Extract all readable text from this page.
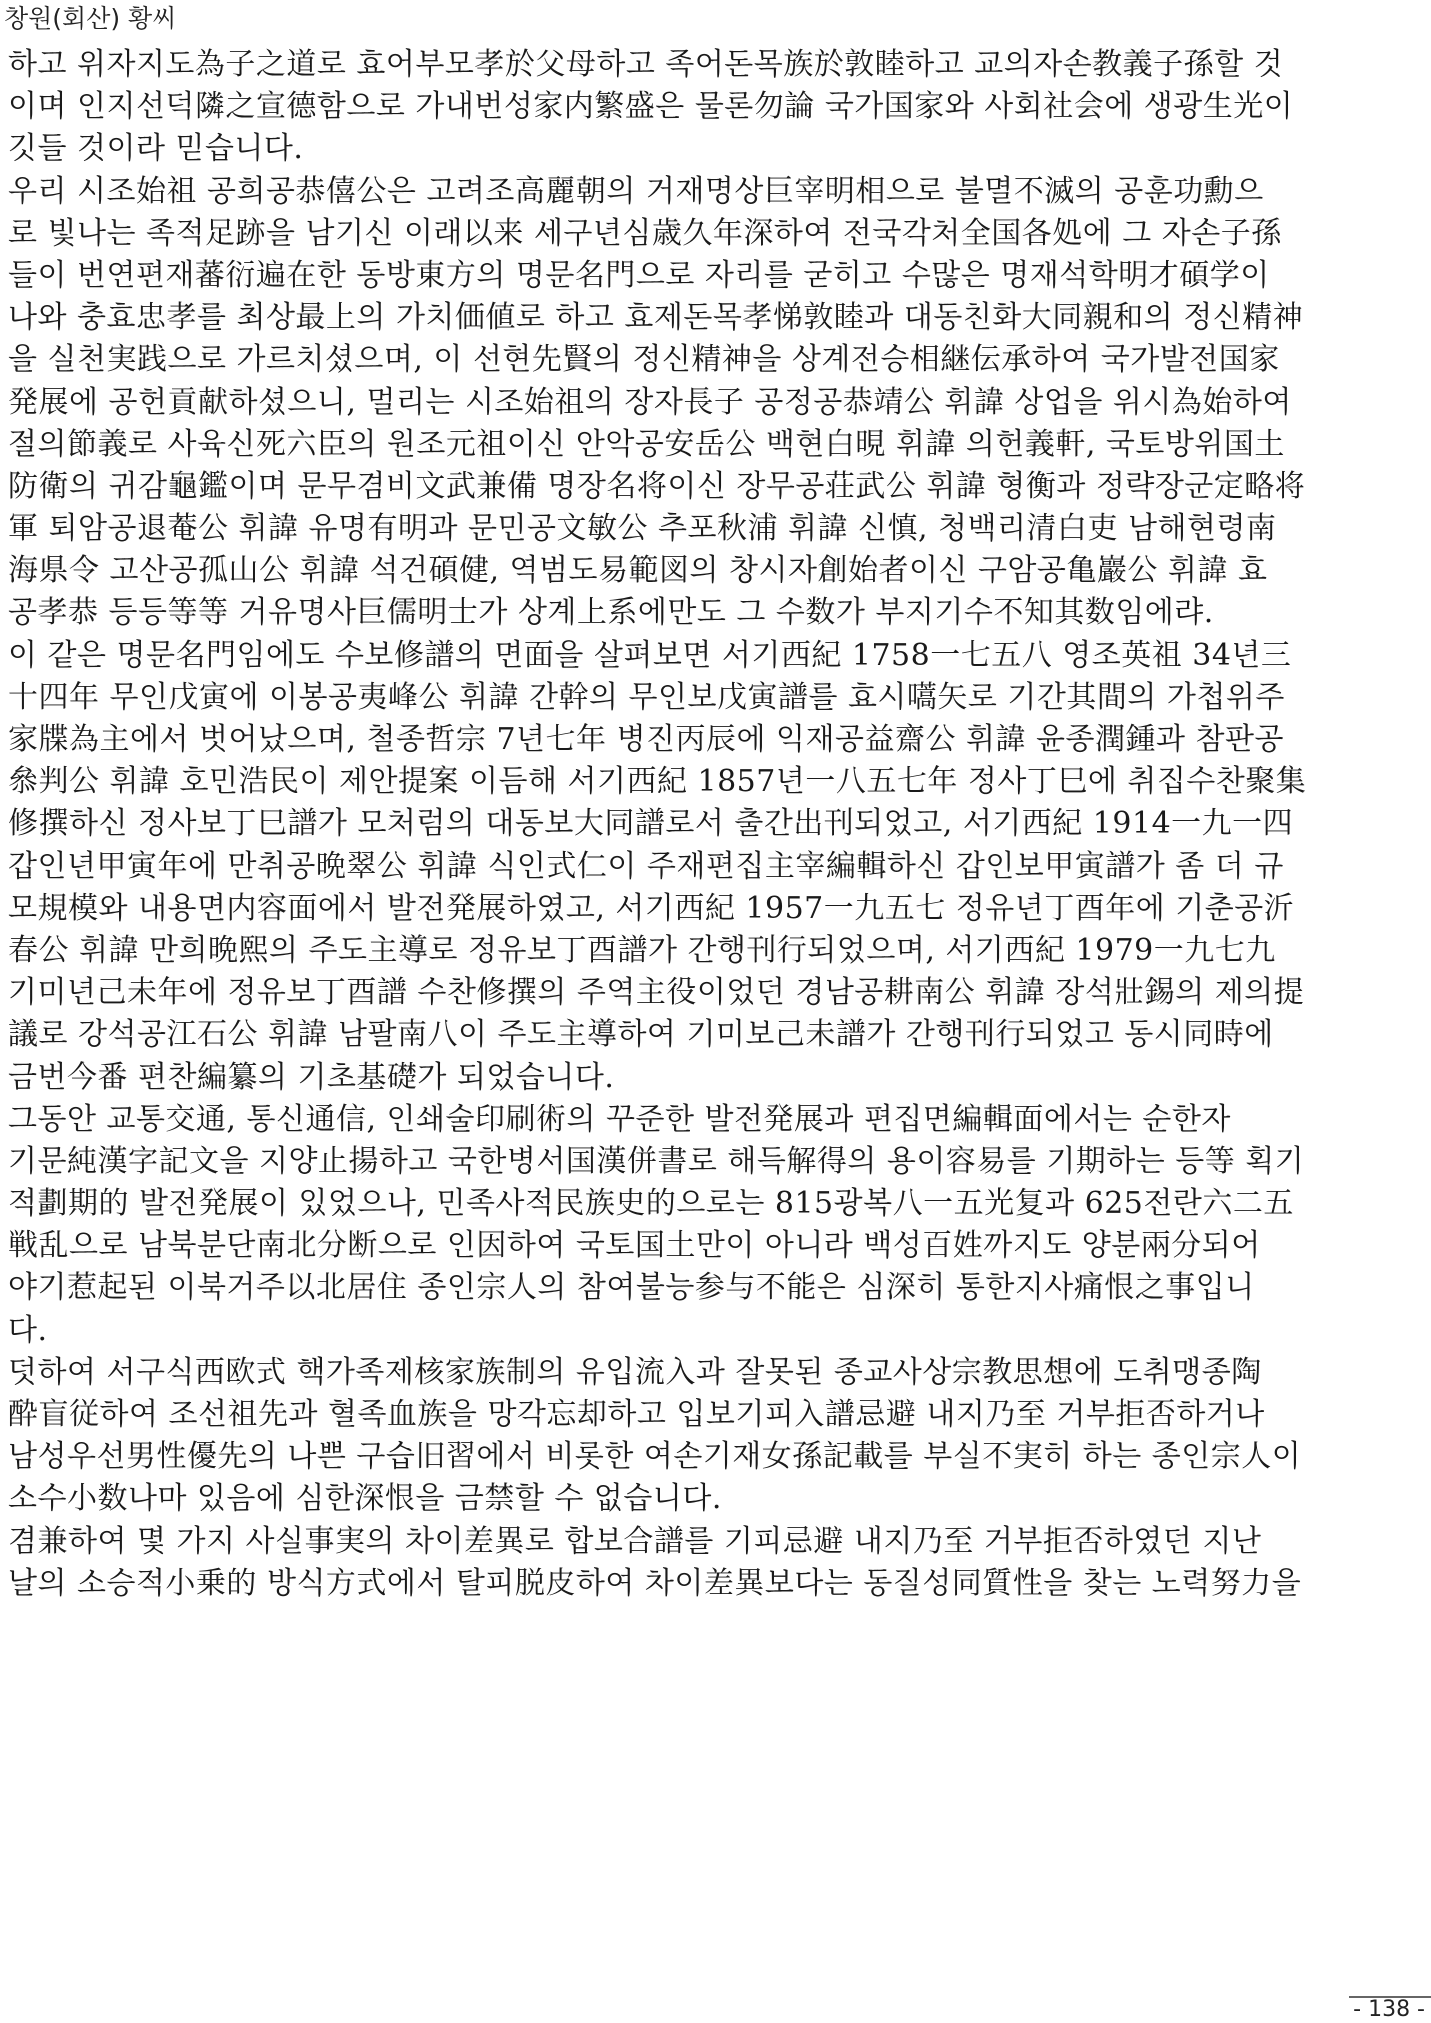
창원(회산) 황씨
하고 위자지도為子之道로 효어부모孝於父母하고 족어돈목族於敦睦하고 교의자손教義子孫할 것
이며 인지선덕隣之宣德함으로 가내번성家内繁盛은 물론勿論 국가国家와 사회社会에 생광生光이
깃들 것이라 믿습니다.
우리 시조始祖 공희공恭僖公은 고려조高麗朝의 거재명상巨宰明相으로 불멸不滅의 공훈功勳으
로 빛나는 족적足跡을 남기신 이래以来 세구년심歳久年深하여 전국각처全国各処에 그 자손子孫
들이 번연편재蕃衍遍在한 동방東方의 명문名門으로 자리를 굳히고 수많은 명재석학明才碩学이
나와 충효忠孝를 최상最上의 가치価値로 하고 효제돈목孝悌敦睦과 대동친화大同親和의 정신精神
을 실천実践으로 가르치셨으며, 이 선현先賢의 정신精神을 상계전승相継伝承하여 국가발전国家
発展에 공헌貢献하셨으니, 멀리는 시조始祖의 장자長子 공정공恭靖公 휘諱 상업을 위시為始하여
절의節義로 사육신死六臣의 원조元祖이신 안악공安岳公 백현白晛 휘諱 의헌義軒, 국토방위国土
防衛의 귀감龜鑑이며 문무겸비文武兼備 명장名将이신 장무공荘武公 휘諱 형衡과 정략장군定略将
軍 퇴암공退菴公 휘諱 유명有明과 문민공文敏公 추포秋浦 휘諱 신慎, 청백리清白吏 남해현령南
海県令 고산공孤山公 휘諱 석건碩健, 역범도易範図의 창시자創始者이신 구암공亀巖公 휘諱 효
공孝恭 등등等等 거유명사巨儒明士가 상계上系에만도 그 수数가 부지기수不知其数임에랴.
이 같은 명문名門임에도 수보修譜의 면面을 살펴보면 서기西紀 1758一七五八 영조英祖 34년三
十四年 무인戊寅에 이봉공夷峰公 휘諱 간幹의 무인보戊寅譜를 효시嚆矢로 기간其間의 가첩위주
家牒為主에서 벗어났으며, 철종哲宗 7년七年 병진丙辰에 익재공益齋公 휘諱 윤종潤鍾과 참판공
叅判公 휘諱 호민浩民이 제안提案 이듬해 서기西紀 1857년一八五七年 정사丁巳에 취집수찬聚集
修撰하신 정사보丁巳譜가 모처럼의 대동보大同譜로서 출간出刊되었고, 서기西紀 1914一九一四
갑인년甲寅年에 만취공晩翠公 휘諱 식인式仁이 주재편집主宰編輯하신 갑인보甲寅譜가 좀 더 규
모規模와 내용면内容面에서 발전発展하였고, 서기西紀 1957一九五七 정유년丁酉年에 기춘공沂
春公 휘諱 만희晩熙의 주도主導로 정유보丁酉譜가 간행刊行되었으며, 서기西紀 1979一九七九
기미년己未年에 정유보丁酉譜 수찬修撰의 주역主役이었던 경남공耕南公 휘諱 장석壯錫의 제의提
議로 강석공江石公 휘諱 남팔南八이 주도主導하여 기미보己未譜가 간행刊行되었고 동시同時에
금번今番 편찬編纂의 기초基礎가 되었습니다.
그동안 교통交通, 통신通信, 인쇄술印刷術의 꾸준한 발전発展과 편집면編輯面에서는 순한자
기문純漢字記文을 지양止揚하고 국한병서国漢併書로 해득解得의 용이容易를 기期하는 등等 획기
적劃期的 발전発展이 있었으나, 민족사적民族史的으로는 815광복八一五光复과 625전란六二五
戦乱으로 남북분단南北分断으로 인因하여 국토国土만이 아니라 백성百姓까지도 양분兩分되어
야기惹起된 이북거주以北居住 종인宗人의 참여불능参与不能은 심深히 통한지사痛恨之事입니
다.
덧하여 서구식西欧式 핵가족제核家族制의 유입流入과 잘못된 종교사상宗教思想에 도취맹종陶
酔盲従하여 조선祖先과 혈족血族을 망각忘却하고 입보기피入譜忌避 내지乃至 거부拒否하거나
남성우선男性優先의 나쁜 구습旧習에서 비롯한 여손기재女孫記載를 부실不実히 하는 종인宗人이
소수小数나마 있음에 심한深恨을 금禁할 수 없습니다.
겸兼하여 몇 가지 사실事実의 차이差異로 합보合譜를 기피忌避 내지乃至 거부拒否하였던 지난
날의 소승적小乗的 방식方式에서 탈피脱皮하여 차이差異보다는 동질성同質性을 찾는 노력努力을
- 138 -
